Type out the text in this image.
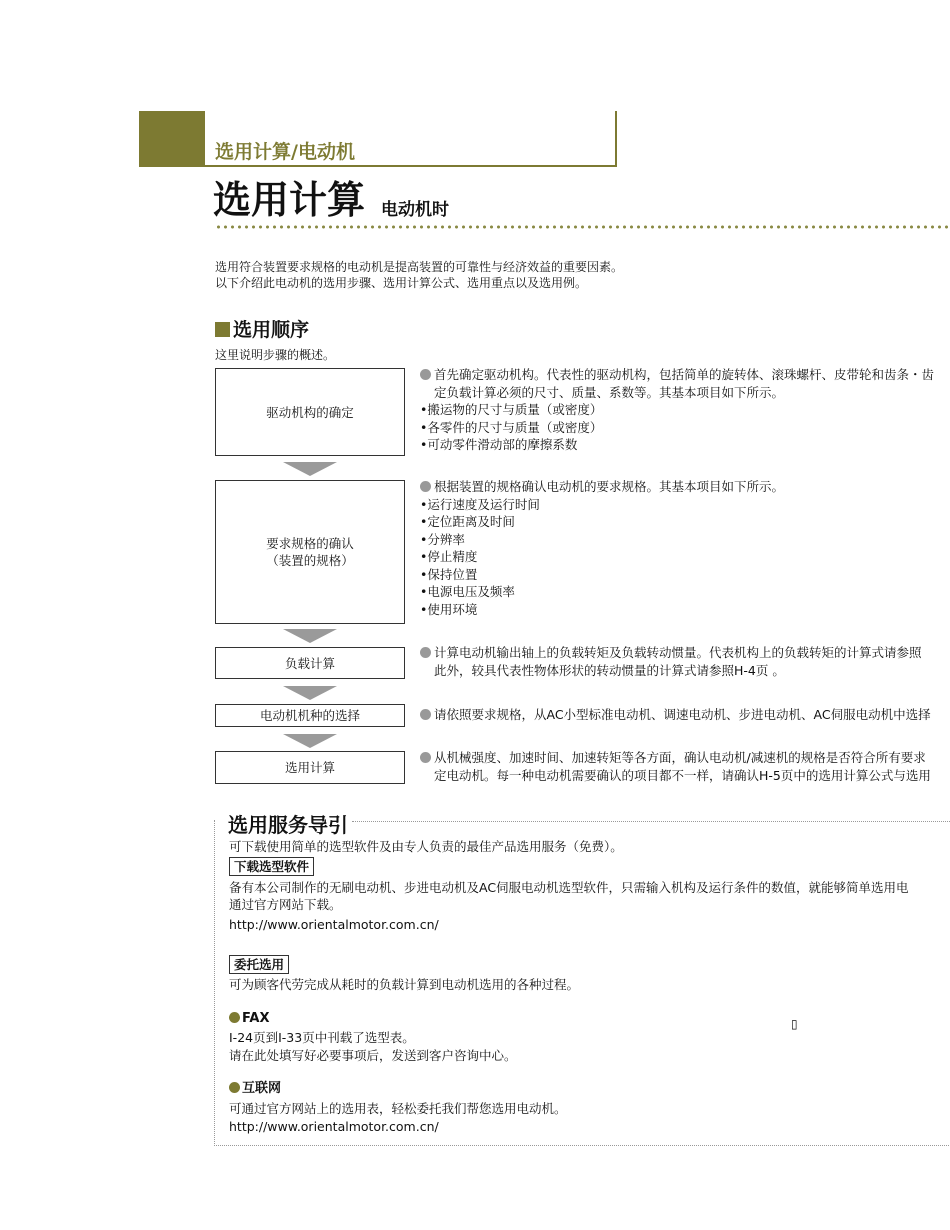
选用计算/电动机
选用计算 电动机时
选用符合装置要求规格的电动机是提高装置的可靠性与经济效益的重要因素。
以下介绍此电动机的选用步骤、选用计算公式、选用重点以及选用例。
选用顺序
这里说明步骤的概述。
驱动机构的确定
首先确定驱动机构。代表性的驱动机构，包括简单的旋转体、滚珠螺杆、皮带轮和齿条・齿
定负载计算必须的尺寸、质量、系数等。其基本项目如下所示。
•搬运物的尺寸与质量（或密度）
•各零件的尺寸与质量（或密度）
•可动零件滑动部的摩擦系数
要求规格的确认
（装置的规格）
根据装置的规格确认电动机的要求规格。其基本项目如下所示。
•运行速度及运行时间
•定位距离及时间
•分辨率
•停止精度
•保持位置
•电源电压及频率
•使用环境
负载计算
计算电动机输出轴上的负载转矩及负载转动惯量。代表机构上的负载转矩的计算式请参照
此外，较具代表性物体形状的转动惯量的计算式请参照H-4页 。
电动机机种的选择	请依照要求规格，从AC小型标准电动机、调速电动机、步进电动机、AC伺服电动机中选择
选用计算
从机械强度、加速时间、加速转矩等各方面，确认电动机/减速机的规格是否符合所有要求
定电动机。每一种电动机需要确认的项目都不一样，请确认H-5页中的选用计算公式与选用
选用服务导引
可下载使用简单的选型软件及由专人负责的最佳产品选用服务（免费）。
下载选型软件
备有本公司制作的无刷电动机、步进电动机及AC伺服电动机选型软件，只需输入机构及运行条件的数值，就能够简单选用电
通过官方网站下载。
http://www.orientalmotor.com.cn/
委托选用
可为顾客代劳完成从耗时的负载计算到电动机选用的各种过程。
FAX
I-24页到I-33页中刊载了选型表。
请在此处填写好必要事项后，发送到客户咨询中心。
互联网
可通过官方网站上的选用表，轻松委托我们帮您选用电动机。
http://www.orientalmotor.com.cn/
▯
